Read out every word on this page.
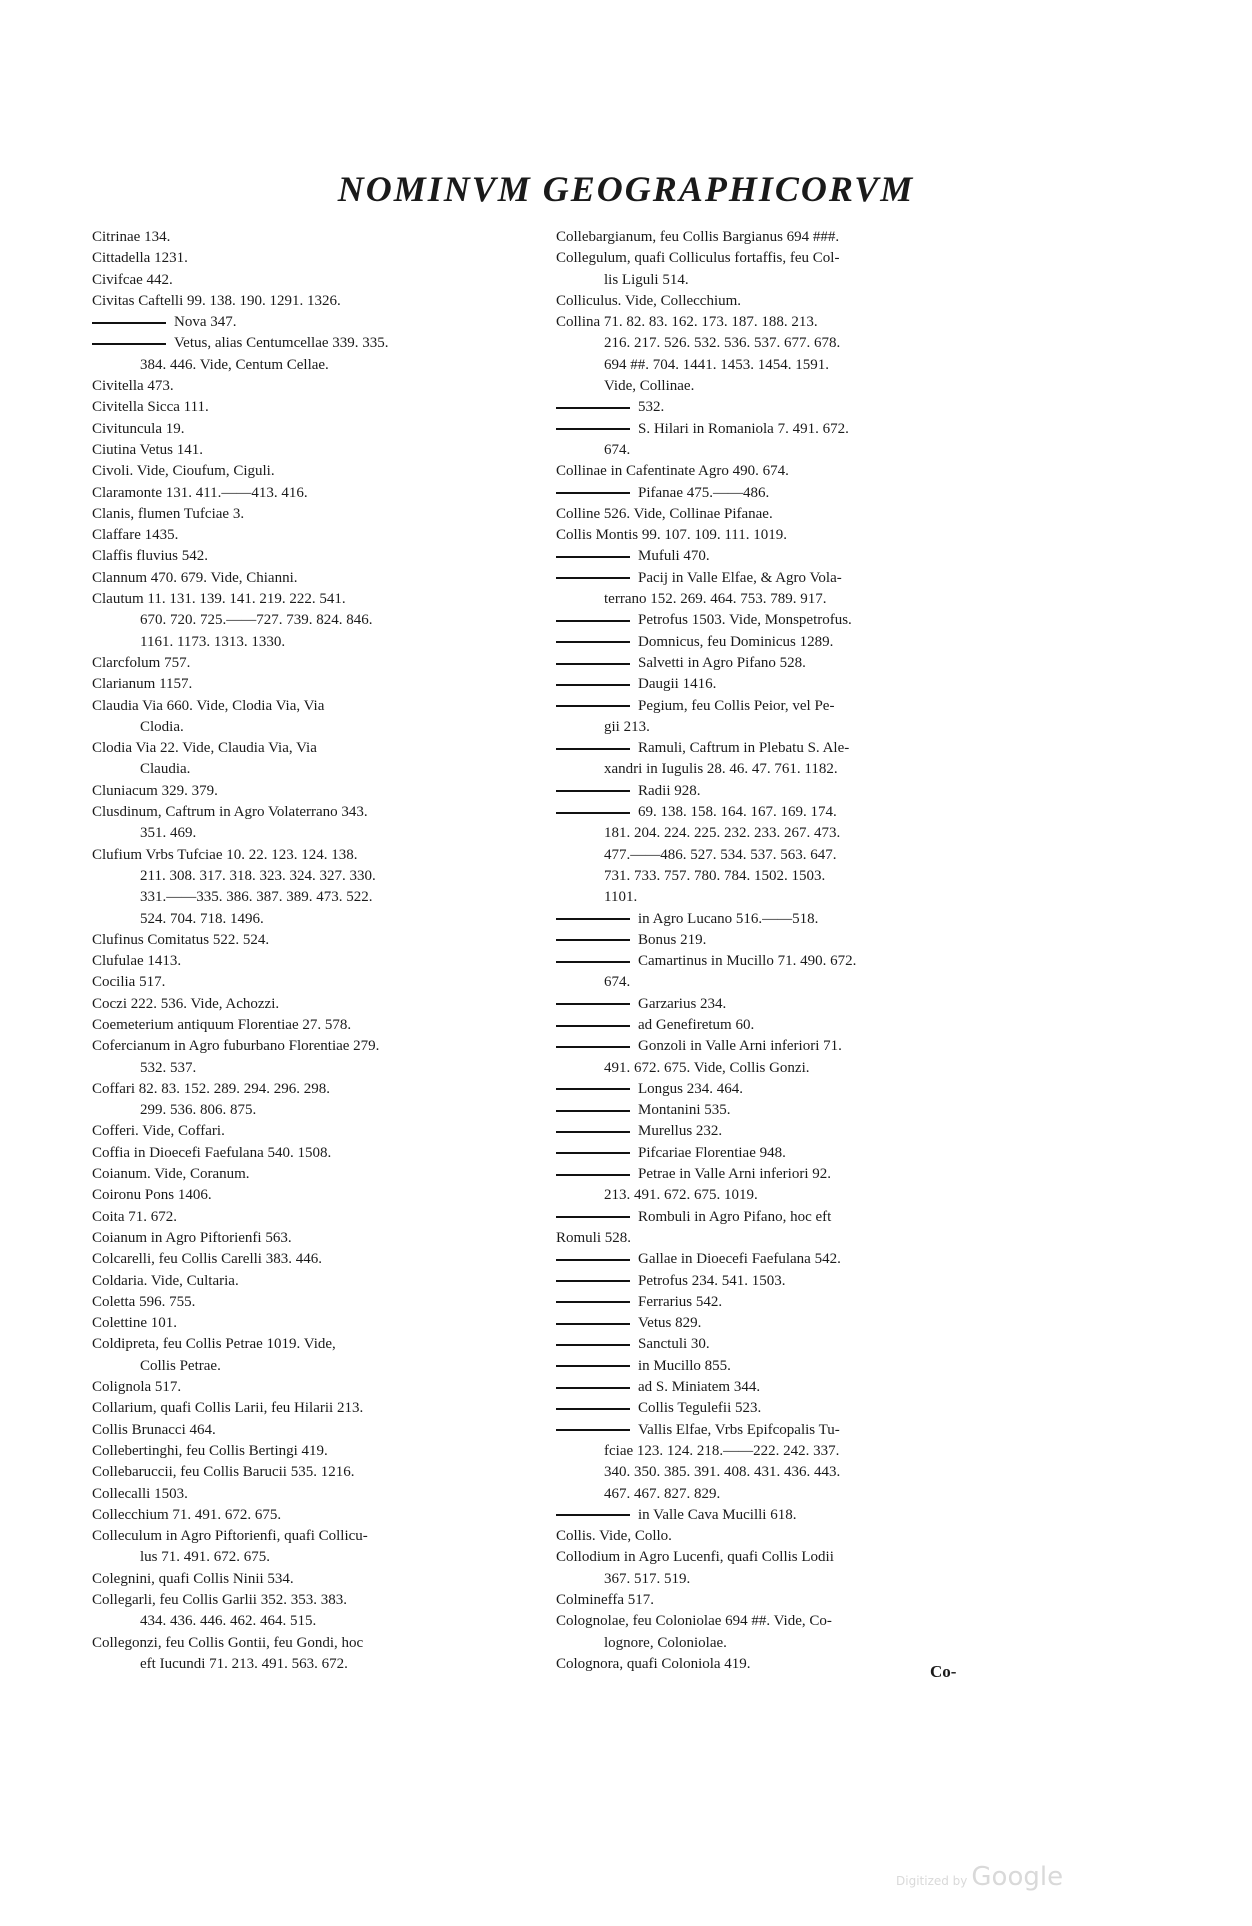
NOMINVM GEOGRAPHICORVM
Citrinae 134.
Cittadella 1231.
Civifcae 442.
Civitas Caftelli 99. 138. 190. 1291. 1326.
Nova 347.
Vetus, alias Centumcellae 339. 335.
384. 446. Vide, Centum Cellae.
Civitella 473.
Civitella Sicca 111.
Civituncula 19.
Ciutina Vetus 141.
Civoli. Vide, Cioufum, Ciguli.
Claramonte 131. 411.——413. 416.
Clanis, flumen Tufciae 3.
Claffare 1435.
Claffis fluvius 542.
Clannum 470. 679. Vide, Chianni.
Clautum 11. 131. 139. 141. 219. 222. 541.
670. 720. 725.——727. 739. 824. 846.
1161. 1173. 1313. 1330.
Clarcfolum 757.
Clarianum 1157.
Claudia Via 660. Vide, Clodia Via, Via
Clodia.
Clodia Via 22. Vide, Claudia Via, Via
Claudia.
Cluniacum 329. 379.
Clusdinum, Caftrum in Agro Volaterrano 343.
351. 469.
Clufium Vrbs Tufciae 10. 22. 123. 124. 138.
211. 308. 317. 318. 323. 324. 327. 330.
331.——335. 386. 387. 389. 473. 522.
524. 704. 718. 1496.
Clufinus Comitatus 522. 524.
Clufulae 1413.
Cocilia 517.
Coczi 222. 536. Vide, Achozzi.
Coemeterium antiquum Florentiae 27. 578.
Cofercianum in Agro fuburbano Florentiae 279.
532. 537.
Coffari 82. 83. 152. 289. 294. 296. 298.
299. 536. 806. 875.
Cofferi. Vide, Coffari.
Coffia in Dioecefi Faefulana 540. 1508.
Coianum. Vide, Coranum.
Coironu Pons 1406.
Coita 71. 672.
Coianum in Agro Piftorienfi 563.
Colcarelli, feu Collis Carelli 383. 446.
Coldaria. Vide, Cultaria.
Coletta 596. 755.
Colettine 101.
Coldipreta, feu Collis Petrae 1019. Vide,
Collis Petrae.
Colignola 517.
Collarium, quafi Collis Larii, feu Hilarii 213.
Collis Brunacci 464.
Collebertinghi, feu Collis Bertingi 419.
Collebaruccii, feu Collis Barucii 535. 1216.
Collecalli 1503.
Collecchium 71. 491. 672. 675.
Colleculum in Agro Piftorienfi, quafi Collicu-
lus 71. 491. 672. 675.
Colegnini, quafi Collis Ninii 534.
Collegarli, feu Collis Garlii 352. 353. 383.
434. 436. 446. 462. 464. 515.
Collegonzi, feu Collis Gontii, feu Gondi, hoc
eft Iucundi 71. 213. 491. 563. 672.
Collebargianum, feu Collis Bargianus 694 ###.
Collegulum, quafi Colliculus fortaffis, feu Col-
lis Liguli 514.
Colliculus. Vide, Collecchium.
Collina 71. 82. 83. 162. 173. 187. 188. 213.
216. 217. 526. 532. 536. 537. 677. 678.
694 ##. 704. 1441. 1453. 1454. 1591.
Vide, Collinae.
532.
S. Hilari in Romaniola 7. 491. 672.
674.
Collinae in Cafentinate Agro 490. 674.
Pifanae 475.——486.
Colline 526. Vide, Collinae Pifanae.
Collis Montis 99. 107. 109. 111. 1019.
Mufuli 470.
Pacij in Valle Elfae, & Agro Vola-
terrano 152. 269. 464. 753. 789. 917.
Petrofus 1503. Vide, Monspetrofus.
Domnicus, feu Dominicus 1289.
Salvetti in Agro Pifano 528.
Daugii 1416.
Pegium, feu Collis Peior, vel Pe-
gii 213.
Ramuli, Caftrum in Plebatu S. Ale-
xandri in Iugulis 28. 46. 47. 761. 1182.
Radii 928.
69. 138. 158. 164. 167. 169. 174.
181. 204. 224. 225. 232. 233. 267. 473.
477.——486. 527. 534. 537. 563. 647.
731. 733. 757. 780. 784. 1502. 1503.
1101.
in Agro Lucano 516.——518.
Bonus 219.
Camartinus in Mucillo 71. 490. 672.
674.
Garzarius 234.
ad Genefiretum 60.
Gonzoli in Valle Arni inferiori 71.
491. 672. 675. Vide, Collis Gonzi.
Longus 234. 464.
Montanini 535.
Murellus 232.
Pifcariae Florentiae 948.
Petrae in Valle Arni inferiori 92.
213. 491. 672. 675. 1019.
Rombuli in Agro Pifano, hoc eft
Romuli 528.
Gallae in Dioecefi Faefulana 542.
Petrofus 234. 541. 1503.
Ferrarius 542.
Vetus 829.
Sanctuli 30.
in Mucillo 855.
ad S. Miniatem 344.
Collis Tegulefii 523.
Vallis Elfae, Vrbs Epifcopalis Tu-
fciae 123. 124. 218.——222. 242. 337.
340. 350. 385. 391. 408. 431. 436. 443.
467. 467. 827. 829.
in Valle Cava Mucilli 618.
Collis. Vide, Collo.
Collodium in Agro Lucenfi, quafi Collis Lodii
367. 517. 519.
Colmineffa 517.
Colognolae, feu Coloniolae 694 ##. Vide, Co-
lognore, Coloniolae.
Colognora, quafi Coloniola 419.	Co-
Digitized by Google
